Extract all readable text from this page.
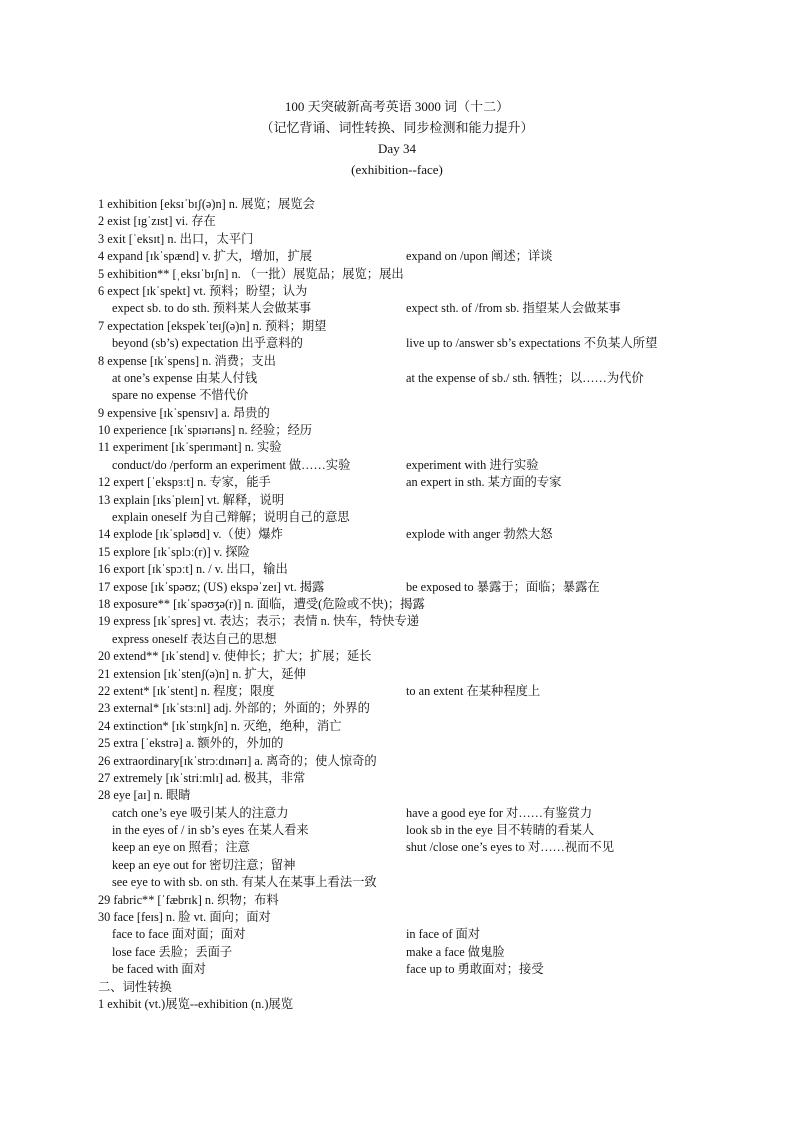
100 天突破新高考英语 3000 词（十二）
（记忆背诵、词性转换、同步检测和能力提升）
Day 34
(exhibition--face)
1 exhibition [eksɪˈbɪʃ(ə)n] n. 展览；展览会
2 exist [ɪgˈzɪst] vi. 存在
3 exit [ˈeksɪt] n. 出口，太平门
4 expand [ɪkˈspænd] v. 扩大，增加，扩展	expand on /upon 阐述；详谈
5 exhibition** [ˌeksɪˈbɪʃn] n. （一批）展览品；展览；展出
6 expect [ɪkˈspekt] vt. 预料；盼望；认为
expect sb. to do sth. 预料某人会做某事	expect sth. of /from sb. 指望某人会做某事
7 expectation [ekspekˈteɪʃ(ə)n] n. 预料；期望
beyond (sb’s) expectation 出乎意料的	live up to /answer sb’s expectations 不负某人所望
8 expense [ɪkˈspens] n. 消费；支出
at one’s expense 由某人付钱	at the expense of sb./ sth. 牺牲；以……为代价
spare no expense 不惜代价
9 expensive [ɪkˈspensɪv] a. 昂贵的
10 experience [ɪkˈspɪərɪəns] n. 经验；经历
11 experiment [ɪkˈsperɪmənt] n. 实验
conduct/do /perform an experiment 做……实验	experiment with 进行实验
12 expert [ˈekspɜːt] n. 专家，能手	an expert in sth. 某方面的专家
13 explain [ɪksˈpleɪn] vt. 解释，说明
explain oneself 为自己辩解；说明自己的意思
14 explode [ɪkˈspləʊd] v.（使）爆炸	explode with anger 勃然大怒
15 explore [ɪkˈsplɔː(r)] v. 探险
16 export [ɪkˈspɔːt] n. / v. 出口，输出
17 expose [ɪkˈspəʊz; (US) ekspəˈzeɪ] vt. 揭露	be exposed to 暴露于；面临；暴露在
18 exposure** [ɪkˈspəʊʒə(r)] n. 面临，遭受(危险或不快)；揭露
19 express [ɪkˈspres] vt. 表达；表示；表情 n. 快车，特快专递
express oneself 表达自己的思想
20 extend** [ɪkˈstend] v. 使伸长；扩大；扩展；延长
21 extension [ɪkˈstenʃ(ə)n] n. 扩大，延伸
22 extent* [ɪkˈstent] n. 程度；限度	to an extent 在某种程度上
23 external* [ɪkˈstɜːnl] adj. 外部的；外面的；外界的
24 extinction* [ɪkˈstɪŋkʃn] n. 灭绝，绝种，消亡
25 extra [ˈekstrə] a. 额外的，外加的
26 extraordinary[ɪkˈstrɔːdɪnərɪ] a. 离奇的；使人惊奇的
27 extremely [ɪkˈstriːmlɪ] ad. 极其，非常
28 eye [aɪ] n. 眼睛
catch one’s eye 吸引某人的注意力	have a good eye for 对……有鉴赏力
in the eyes of / in sb’s eyes 在某人看来	look sb in the eye 目不转睛的看某人
keep an eye on 照看；注意	shut /close one’s eyes to 对……视而不见
keep an eye out for 密切注意；留神
see eye to with sb. on sth. 有某人在某事上看法一致
29 fabric** [ˈfæbrɪk] n. 织物；布料
30 face [feɪs] n. 脸 vt. 面向；面对
face to face 面对面；面对	in face of 面对
lose face 丢脸；丢面子	make a face 做鬼脸
be faced with 面对	face up to 勇敢面对；接受
二、词性转换
1 exhibit (vt.)展览--exhibition (n.)展览
